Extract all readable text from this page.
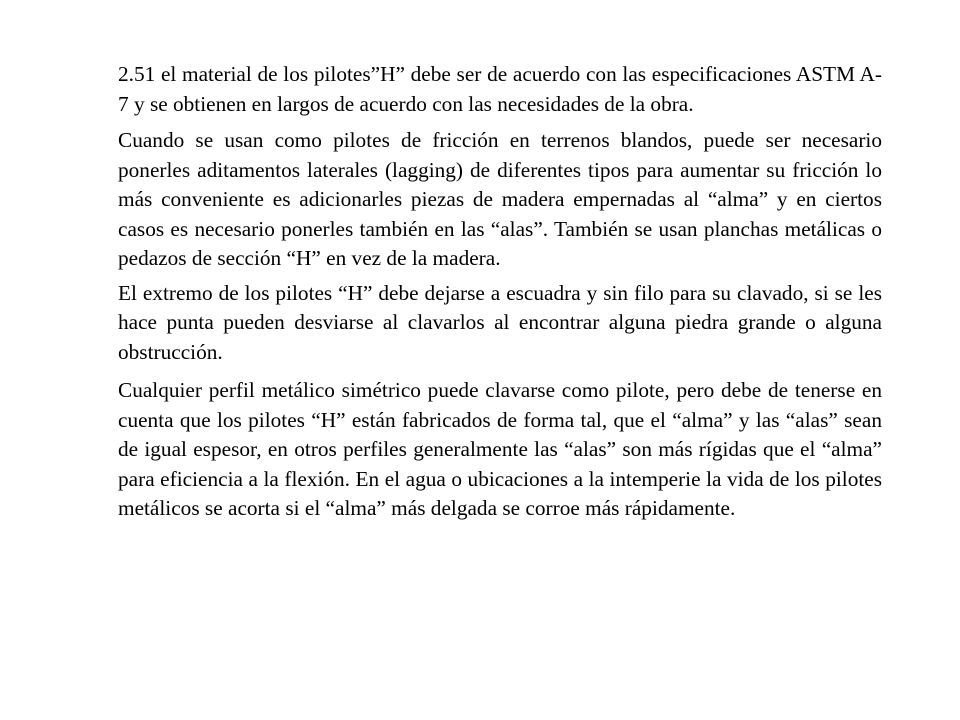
2.51 el material de los pilotes”H” debe ser de acuerdo con las especificaciones ASTM A-7 y se obtienen en largos de acuerdo con las necesidades de la obra.

Cuando se usan como pilotes de fricción en terrenos blandos, puede ser necesario ponerles aditamentos laterales (lagging) de diferentes tipos para aumentar su fricción lo más conveniente es adicionarles piezas de madera empernadas al “alma” y en ciertos casos es necesario ponerles también en las “alas”. También se usan planchas metálicas o pedazos de sección “H” en vez de la madera.

El extremo de los pilotes “H” debe dejarse a escuadra y sin filo para su clavado, si se les hace punta pueden desviarse al clavarlos al encontrar alguna piedra grande o alguna obstrucción.

Cualquier perfil metálico simétrico puede clavarse como pilote, pero debe de tenerse en cuenta que los pilotes “H” están fabricados de forma tal, que el “alma” y las “alas” sean de igual espesor, en otros perfiles generalmente las “alas” son más rígidas que el “alma” para eficiencia a la flexión. En el agua o ubicaciones a la intemperie la vida de los pilotes metálicos se acorta si el “alma” más delgada se corroe más rápidamente.
